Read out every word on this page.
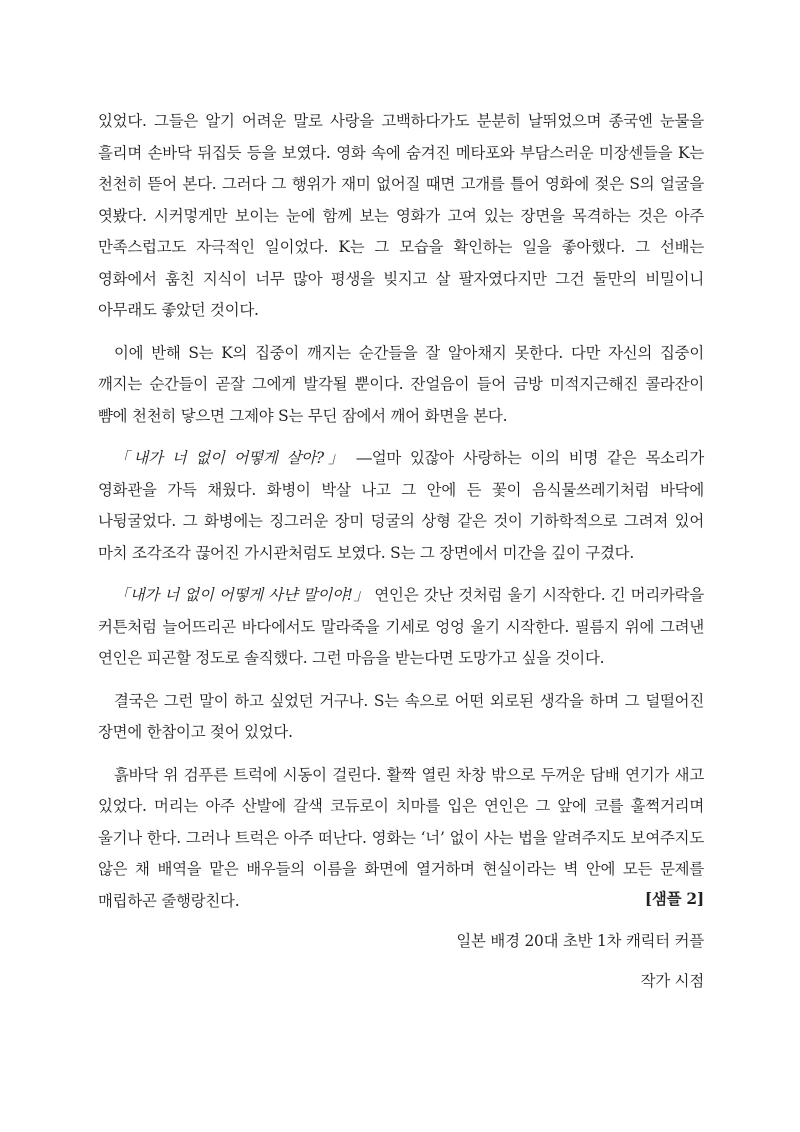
있었다. 그들은 알기 어려운 말로 사랑을 고백하다가도 분분히 날뛰었으며 종국엔 눈물을 흘리며 손바닥 뒤집듯 등을 보였다. 영화 속에 숨겨진 메타포와 부담스러운 미장센들을 K는 천천히 뜯어 본다. 그러다 그 행위가 재미 없어질 때면 고개를 틀어 영화에 젖은 S의 얼굴을 엿봤다. 시커멓게만 보이는 눈에 함께 보는 영화가 고여 있는 장면을 목격하는 것은 아주 만족스럽고도 자극적인 일이었다. K는 그 모습을 확인하는 일을 좋아했다. 그 선배는 영화에서 훔친 지식이 너무 많아 평생을 빚지고 살 팔자였다지만 그건 둘만의 비밀이니 아무래도 좋았던 것이다.

이에 반해 S는 K의 집중이 깨지는 순간들을 잘 알아채지 못한다. 다만 자신의 집중이 깨지는 순간들이 곧잘 그에게 발각될 뿐이다. 잔얼음이 들어 금방 미적지근해진 콜라잔이 뺨에 천천히 닿으면 그제야 S는 무딘 잠에서 깨어 화면을 본다.

「내가 너 없이 어떻게 살아?」 ―얼마 있잖아 사랑하는 이의 비명 같은 목소리가 영화관을 가득 채웠다. 화병이 박살 나고 그 안에 든 꽃이 음식물쓰레기처럼 바닥에 나뒹굴었다. 그 화병에는 징그러운 장미 덩굴의 상형 같은 것이 기하학적으로 그려져 있어 마치 조각조각 끊어진 가시관처럼도 보였다. S는 그 장면에서 미간을 깊이 구겼다.

「내가 너 없이 어떻게 사냔 말이야!」 연인은 갓난 것처럼 울기 시작한다. 긴 머리카락을 커튼처럼 늘어뜨리곤 바다에서도 말라죽을 기세로 엉엉 울기 시작한다. 필름지 위에 그려낸 연인은 피곤할 정도로 솔직했다. 그런 마음을 받는다면 도망가고 싶을 것이다.

결국은 그런 말이 하고 싶었던 거구나. S는 속으로 어떤 외로된 생각을 하며 그 덜떨어진 장면에 한참이고 젖어 있었다.

흙바닥 위 검푸른 트럭에 시동이 걸린다. 활짝 열린 차창 밖으로 두꺼운 담배 연기가 새고 있었다. 머리는 아주 산발에 갈색 코듀로이 치마를 입은 연인은 그 앞에 코를 훌쩍거리며 울기나 한다. 그러나 트럭은 아주 떠난다. 영화는 ‘너’ 없이 사는 법을 알려주지도 보여주지도 않은 채 배역을 맡은 배우들의 이름을 화면에 열거하며 현실이라는 벽 안에 모든 문제를 매립하곤 줄행랑친다.	[샘플 2]
일본 배경 20대 초반 1차 캐릭터 커플
작가 시점
